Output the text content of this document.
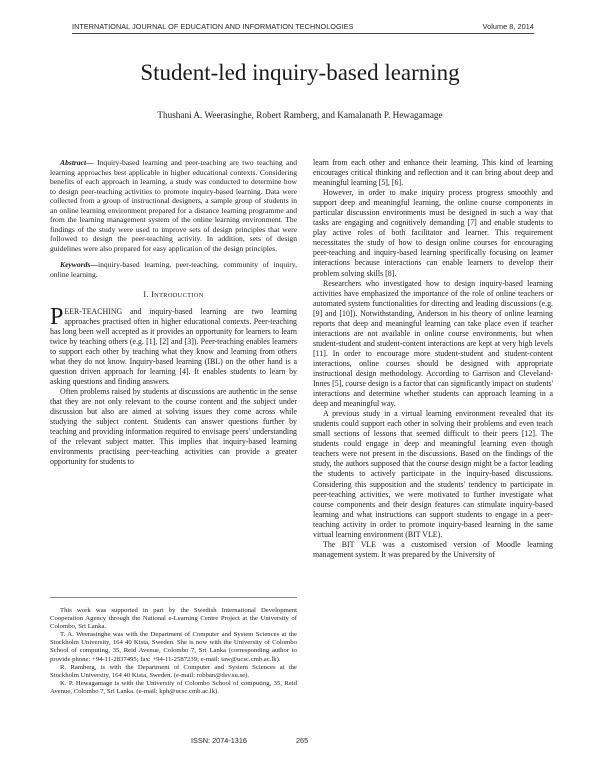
INTERNATIONAL JOURNAL OF EDUCATION AND INFORMATION TECHNOLOGIES	Volume 8, 2014
Student-led inquiry-based learning
Thushani A. Weerasinghe, Robert Ramberg, and Kamalanath P. Hewagamage

Abstract— Inquiry-based learning and peer-teaching are two teaching and learning approaches best applicable in higher educational contexts. Considering benefits of each approach in learning, a study was conducted to determine how to design peer-teaching activities to promote inquiry-based learning. Data were collected from a group of instructional designers, a sample group of students in an online learning environment prepared for a distance learning programme and from the learning management system of the online learning environment. The findings of the study were used to improve sets of design principles that were followed to design the peer-teaching activity. In addition, sets of design guidelines were also prepared for easy application of the design principles.

Keywords—inquiry-based learning, peer-teaching, community of inquiry, online learning.

I. INTRODUCTION

PEER-TEACHING and inquiry-based learning are two learning approaches practised often in higher educational contexts. Peer-teaching has long been well accepted as it provides an opportunity for learners to learn twice by teaching others (e.g. [1], [2] and [3]). Peer-teaching enables learners to support each other by teaching what they know and learning from others what they do not know. Inquiry-based learning (IBL) on the other hand is a question driven approach for learning [4]. It enables students to learn by asking questions and finding answers.

Often problems raised by students at discussions are authentic in the sense that they are not only relevant to the course content and the subject under discussion but also are aimed at solving issues they come across while studying the subject content. Students can answer questions further by teaching and providing information required to envisage peers' understanding of the relevant subject matter. This implies that inquiry-based learning environments practising peer-teaching activities can provide a greater opportunity for students to

This work was supported in part by the Swedish International Development Cooperation Agency through the National e-Learning Centre Project at the University of Colombo, Sri Lanka.

T. A. Weerasinghe was with the Department of Computer and System Sciences at the Stockholm University, 164 40 Kista, Sweden. She is now with the University of Colombo School of computing, 35, Reid Avenue, Colombo 7, Sri Lanka (corresponding author to provide phone: +94-11-2837495; fax: +94-11-2587239; e-mail: taw@ucsc.cmb.ac.lk).

R. Ramberg, is with the Department of Computer and System Sciences at the Stockholm University, 164 40 Kista, Sweden. (e-mail: robban@dsv.su.se).

K. P. Hewagamage is with the University of Colombo School of computing, 35, Reid Avenue, Colombo 7, Sri Lanka. (e-mail: kph@ucsc.cmb.ac.lk).

learn from each other and enhance their learning. This kind of learning encourages critical thinking and reflection and it can bring about deep and meaningful learning [5], [6].

However, in order to make inquiry process progress smoothly and support deep and meaningful learning, the online course components in particular discussion environments must be designed in such a way that tasks are engaging and cognitively demanding [7] and enable students to play active roles of both facilitator and learner. This requirement necessitates the study of how to design online courses for encouraging peer-teaching and inquiry-based learning specifically focusing on learner interactions because interactions can enable learners to develop their problem solving skills [8].

Researchers who investigated how to design inquiry-based learning activities have emphasized the importance of the role of online teachers or automated system functionalities for directing and leading discussions (e.g. [9] and [10]). Notwithstanding, Anderson in his theory of online learning reports that deep and meaningful learning can take place even if teacher interactions are not available in online course environments, but when student-student and student-content interactions are kept at very high levels [11]. In order to encourage more student-student and student-content interactions, online courses should be designed with appropriate instructional design methodology. According to Garrison and Cleveland-Innes [5], course design is a factor that can significantly impact on students' interactions and determine whether students can approach learning in a deep and meaningful way.

A previous study in a virtual learning environment revealed that its students could support each other in solving their problems and even teach small sections of lessons that seemed difficult to their peers [12]. The students could engage in deep and meaningful learning even though teachers were not present in the discussions. Based on the findings of the study, the authors supposed that the course design might be a factor leading the students to actively participate in the inquiry-based discussions. Considering this supposition and the students' tendency to participate in peer-teaching activities, we were motivated to further investigate what course components and their design features can stimulate inquiry-based learning and what instructions can support students to engage in a peer-teaching activity in order to promote inquiry-based learning in the same virtual learning environment (BIT VLE).

The BIT VLE was a customised version of Moodle learning management system. It was prepared by the University of

ISSN: 2074-1316	265
